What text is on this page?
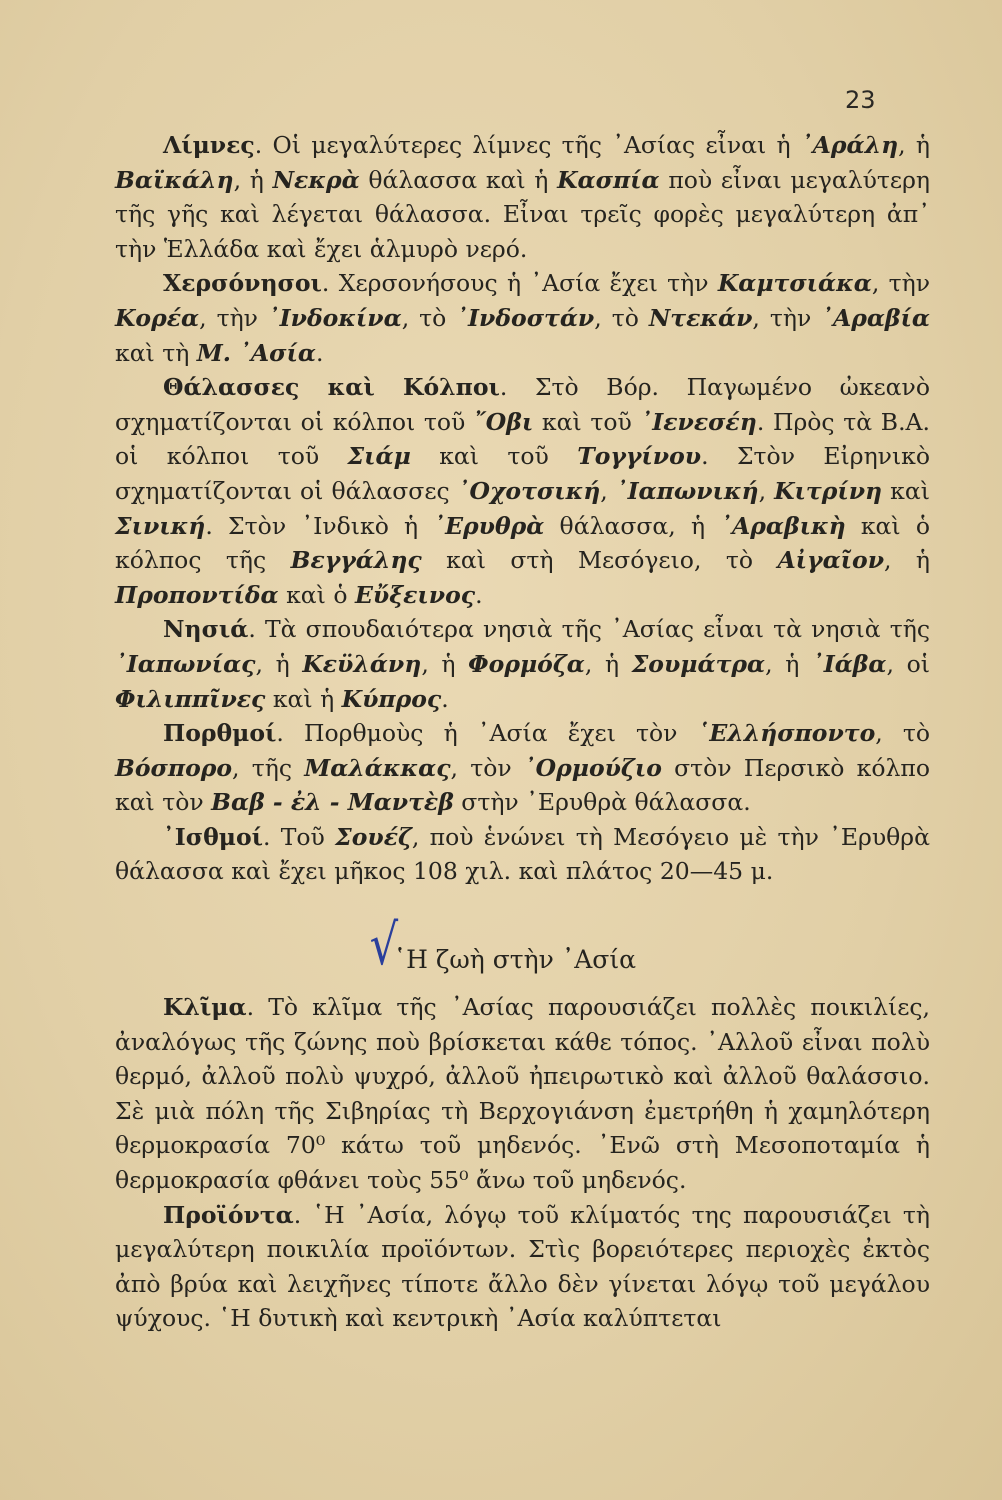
23

Λίμνες. Οἱ μεγαλύτερες λίμνες τῆς ᾿Ασίας εἶναι ἡ ᾿Αράλη, ἡ Βαϊκάλη, ἡ Νεκρὰ θάλασσα καὶ ἡ Κασπία ποὺ εἶναι μεγαλύτερη τῆς γῆς καὶ λέγεται θάλασσα. Εἶναι τρεῖς φορὲς μεγαλύτερη ἀπ᾿ τὴν Ἑλλάδα καὶ ἔχει ἁλμυρὸ νερό.

Χερσόνησοι. Χερσονήσους ἡ ᾿Ασία ἔχει τὴν Καμτσιάκα, τὴν Κορέα, τὴν ᾿Ινδοκίνα, τὸ ᾿Ινδοστάν, τὸ Ντεκάν, τὴν ᾿Αραβία καὶ τὴ Μ. ᾿Ασία.

Θάλασσες καὶ Κόλποι. Στὸ Βόρ. Παγωμένο ὠκεανὸ σχηματίζονται οἱ κόλποι τοῦ ῎Οβι καὶ τοῦ ᾿Ιενεσέη. Πρὸς τὰ Β.Α. οἱ κόλποι τοῦ Σιάμ καὶ τοῦ Τογγίνου. Στὸν Εἰρηνικὸ σχηματίζονται οἱ θάλασσες ᾿Οχοτσική, ᾿Ιαπωνική, Κιτρίνη καὶ Σινική. Στὸν ᾿Ινδικὸ ἡ ᾿Ερυθρὰ θάλασσα, ἡ ᾿Αραβικὴ καὶ ὁ κόλπος τῆς Βεγγάλης καὶ στὴ Μεσόγειο, τὸ Αἰγαῖον, ἡ Προποντίδα καὶ ὁ Εὔξεινος.

Νησιά. Τὰ σπουδαιότερα νησιὰ τῆς ᾿Ασίας εἶναι τὰ νησιὰ τῆς ᾿Ιαπωνίας, ἡ Κεϋλάνη, ἡ Φορμόζα, ἡ Σουμάτρα, ἡ ᾿Ιάβα, οἱ Φιλιππῖνες καὶ ἡ Κύπρος.

Πορθμοί. Πορθμοὺς ἡ ᾿Ασία ἔχει τὸν ῾Ελλήσποντο, τὸ Βόσπορο, τῆς Μαλάκκας, τὸν ᾿Ορμούζιο στὸν Περσικὸ κόλπο καὶ τὸν Βαβ - ἐλ - Μαντὲβ στὴν ᾿Ερυθρὰ θάλασσα.

᾿Ισθμοί. Τοῦ Σουέζ, ποὺ ἑνώνει τὴ Μεσόγειο μὲ τὴν ᾿Ερυθρὰ θάλασσα καὶ ἔχει μῆκος 108 χιλ. καὶ πλάτος 20—45 μ.

√῾Η ζωὴ στὴν ᾿Ασία

Κλῖμα. Τὸ κλῖμα τῆς ᾿Ασίας παρουσιάζει πολλὲς ποικιλίες, ἀναλόγως τῆς ζώνης ποὺ βρίσκεται κάθε τόπος. ᾿Αλλοῦ εἶναι πολὺ θερμό, ἀλλοῦ πολὺ ψυχρό, ἀλλοῦ ἠπειρωτικὸ καὶ ἀλλοῦ θαλάσσιο. Σὲ μιὰ πόλη τῆς Σιβηρίας τὴ Βερχογιάνση ἐμετρήθη ἡ χαμηλότερη θερμοκρασία 70⁰ κάτω τοῦ μηδενός. ᾿Ενῶ στὴ Μεσοποταμία ἡ θερμοκρασία φθάνει τοὺς 55⁰ ἄνω τοῦ μηδενός.

Προϊόντα. ῾Η ᾿Ασία, λόγῳ τοῦ κλίματός της παρουσιάζει τὴ μεγαλύτερη ποικιλία προϊόντων. Στὶς βορειότερες περιοχὲς ἐκτὸς ἀπὸ βρύα καὶ λειχῆνες τίποτε ἄλλο δὲν γίνεται λόγῳ τοῦ μεγάλου ψύχους. ῾Η δυτικὴ καὶ κεντρικὴ ᾿Ασία καλύπτεται
